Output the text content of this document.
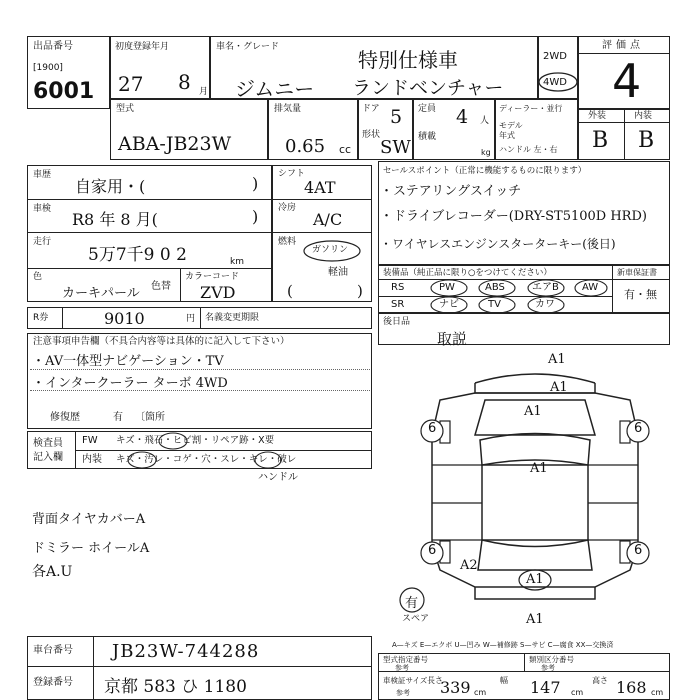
出品番号
[1900]
6001
初度登録年月
27 8 月
車名・グレード
特別仕様車
ジムニー ランドベンチャー
2WD
4WD
評価点
4
型式
ABA-JB23W
排気量
0.65 cc
ドア 5
形状
SW
定員 4 人
積載
kg
ディーラー・並行
モデル
年式
ハンドル 左・右
外装	内装
B B
車歴
自家用・(	)
車検
R8 年 8 月(	)
走行
5万7千9 0 2	km
色
カーキパール 色替
カラーコード
ZVD
シフト
4AT
冷房
A/C
燃料
ガソリン
軽油
(	)
セールスポイント（正常に機能するものに限ります）
・ステアリングスイッチ
・ドライブレコーダー(DRY-ST5100D HRD)
・ワイヤレスエンジンスターターキー(後日)
装備品（純正品に限り○をつけてください）	新車保証書
有・無
RS	PW	ABS	エアB AW
SR	ナビ	TV	カワ
R券	9010	円 名義変更期限	後日品
取説
注意事項申告欄（不具合内容等は具体的に記入して下さい）
・AV一体型ナビゲーション・TV
・インタークーラー ターボ 4WD
修復歴	有 〔箇所
検査員
記入欄
FW キズ・飛石・ヒビ割・リペア跡・X要
内装 キズ・汚レ・コゲ・穴・スレ・キレ・破レ
ハンドル
背面タイヤカバーA
ドミラー ホイールA
各A.U
6	6
6	6
A1
A1
A1
A1
A2
A1
A1
有
スペア
車台番号 JB23W-744288
登録番号 京都 583 ひ 1180
A—キズ E—エクボ U—凹み W—補修跡 S—サビ C—腐食 XX—交換済
型式指定番号
参考
類別区分番号
参考
車検証サイズ 長さ
339 cm
幅 147 cm
高さ 168 cm
参考
